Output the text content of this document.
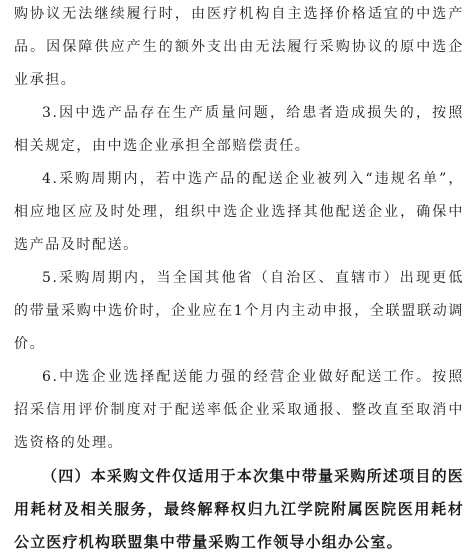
购协议无法继续履行时，由医疗机构自主选择价格适宜的中选产品。因保障供应产生的额外支出由无法履行采购协议的原中选企业承担。

3.因中选产品存在生产质量问题，给患者造成损失的，按照相关规定，由中选企业承担全部赔偿责任。

4.采购周期内，若中选产品的配送企业被列入“违规名单”，相应地区应及时处理，组织中选企业选择其他配送企业，确保中选产品及时配送。

5.采购周期内，当全国其他省（自治区、直辖市）出现更低的带量采购中选价时，企业应在1个月内主动申报，全联盟联动调价。

6.中选企业选择配送能力强的经营企业做好配送工作。按照招采信用评价制度对于配送率低企业采取通报、整改直至取消中选资格的处理。

（四）本采购文件仅适用于本次集中带量采购所述项目的医用耗材及相关服务，最终解释权归九江学院附属医院医用耗材公立医疗机构联盟集中带量采购工作领导小组办公室。
